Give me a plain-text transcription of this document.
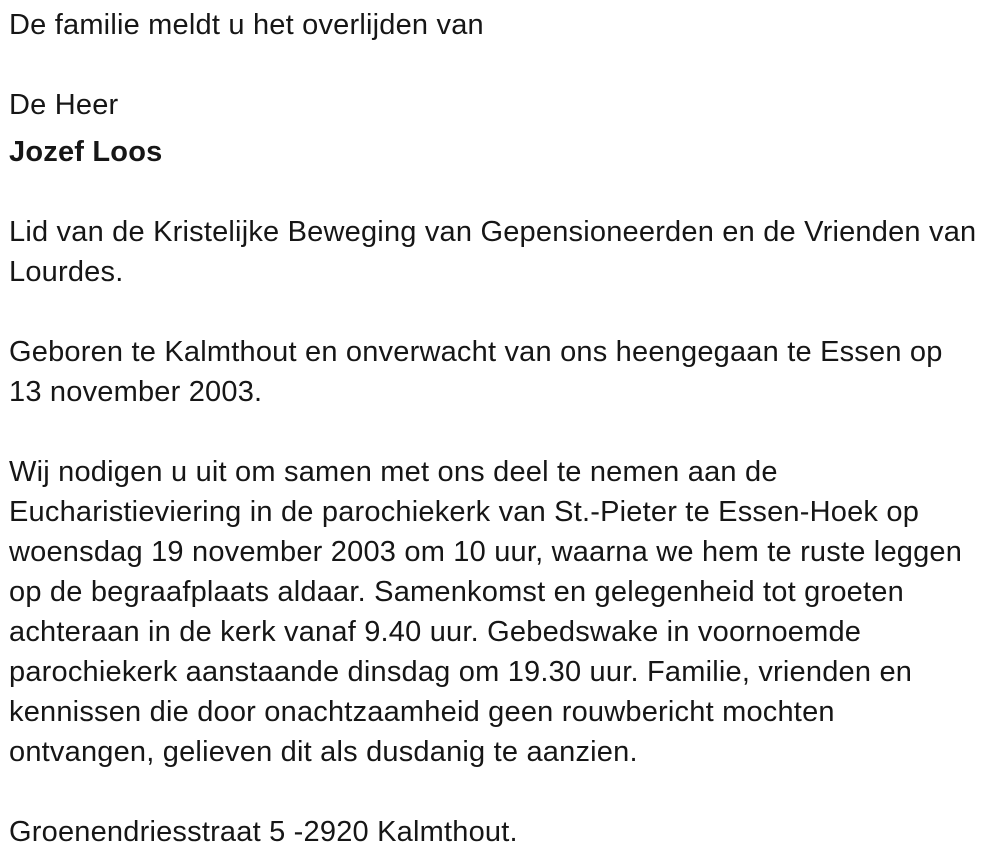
De familie meldt u het overlijden van
De Heer
Jozef Loos
Lid van de Kristelijke Beweging van Gepensioneerden en de Vrienden van
Lourdes.
Geboren te Kalmthout en onverwacht van ons heengegaan te Essen op
13 november 2003.
Wij nodigen u uit om samen met ons deel te nemen aan de
Eucharistieviering in de parochiekerk van St.-Pieter te Essen-Hoek op
woensdag 19 november 2003 om 10 uur, waarna we hem te ruste leggen
op de begraafplaats aldaar. Samenkomst en gelegenheid tot groeten
achteraan in de kerk vanaf 9.40 uur. Gebedswake in voornoemde
parochiekerk aanstaande dinsdag om 19.30 uur. Familie, vrienden en
kennissen die door onachtzaamheid geen rouwbericht mochten
ontvangen, gelieven dit als dusdanig te aanzien.
Groenendriesstraat 5 -2920 Kalmthout.
